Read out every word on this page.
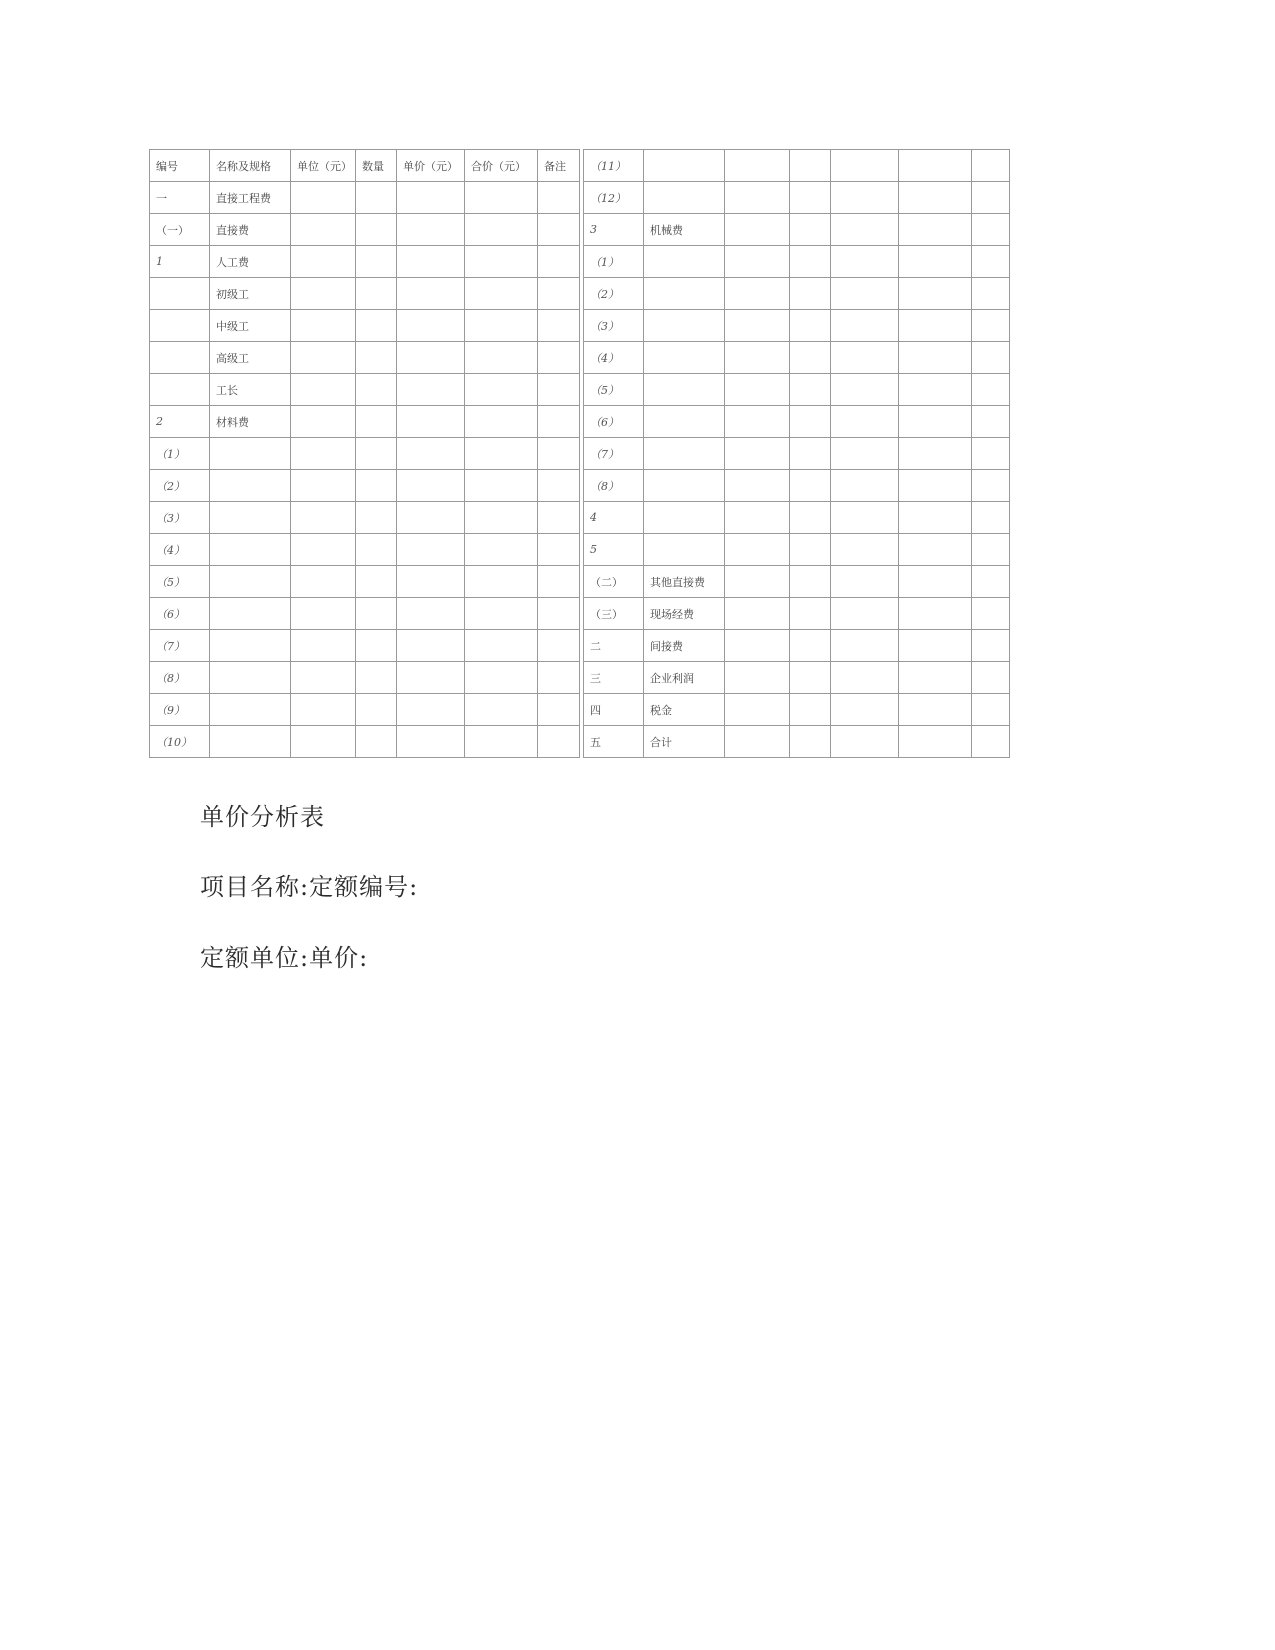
编号	名称及规格	单位（元）	数量	单价（元）	合价（元）	备注
一	直接工程费					
（一）	直接费					
1	人工费					
	初级工					
	中级工					
	高级工					
	工长					
2	材料费					
（1）						
（2）						
（3）						
（4）						
（5）						
（6）						
（7）						
（8）						
（9）						
（10）						
（11）						
（12）						
3	机械费					
（1）						
（2）						
（3）						
（4）						
（5）						
（6）						
（7）						
（8）						
4						
5						
（二）	其他直接费					
（三）	现场经费					
二	间接费					
三	企业利润					
四	税金					
五	合计					
单价分析表
项目名称:定额编号:
定额单位:单价:
